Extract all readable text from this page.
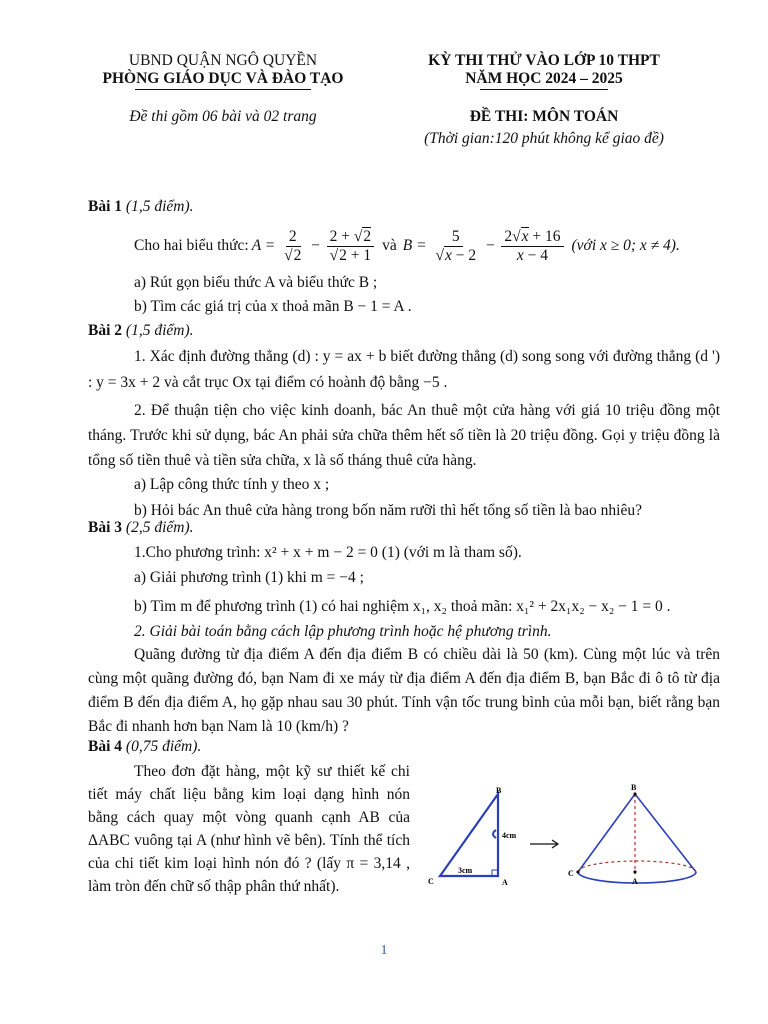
UBND QUẬN NGÔ QUYỀN
PHÒNG GIÁO DỤC VÀ ĐÀO TẠO
Đề thi gồm 06 bài và 02 trang
KỲ THI THỬ VÀO LỚP 10 THPT
NĂM HỌC 2024 – 2025
ĐỀ THI: MÔN TOÁN
(Thời gian:120 phút không kể giao đề)

Bài 1 (1,5 điểm).

Cho hai biểu thức: $A = \frac{2}{√2} - \frac{2 + √2}{√2 + 1}$ và $B = \frac{5}{√x - 2} - \frac{2√x + 16}{x - 4}$ (với x ≥ 0; x ≠ 4).

a) Rút gọn biểu thức A và biểu thức B ;

b) Tìm các giá trị của x thoả mãn B − 1 = A .

Bài 2 (1,5 điểm).

1. Xác định đường thẳng (d) : y = ax + b biết đường thẳng (d) song song với đường thẳng (d ') : y = 3x + 2 và cắt trục Ox tại điểm có hoành độ bằng −5 .

2. Để thuận tiện cho việc kinh doanh, bác An thuê một cửa hàng với giá 10 triệu đồng một tháng. Trước khi sử dụng, bác An phải sửa chữa thêm hết số tiền là 20 triệu đồng. Gọi y triệu đồng là tổng số tiền thuê và tiền sửa chữa, x là số tháng thuê cửa hàng.

a) Lập công thức tính y theo x ;

b) Hỏi bác An thuê cửa hàng trong bốn năm rưỡi thì hết tổng số tiền là bao nhiêu?

Bài 3 (2,5 điểm).

1.Cho phương trình: x² + x + m − 2 = 0 (1) (với m là tham số).

a) Giải phương trình (1) khi m = −4 ;

b) Tìm m để phương trình (1) có hai nghiệm x₁, x₂ thoả mãn: x₁² + 2x₁x₂ − x₂ − 1 = 0 .

2. Giải bài toán bằng cách lập phương trình hoặc hệ phương trình.

Quãng đường từ địa điểm A đến địa điểm B có chiều dài là 50 (km). Cùng một lúc và trên cùng một quãng đường đó, bạn Nam đi xe máy từ địa điểm A đến địa điểm B, bạn Bắc đi ô tô từ địa điểm B đến địa điểm A, họ gặp nhau sau 30 phút. Tính vận tốc trung bình của mỗi bạn, biết rằng bạn Bắc đi nhanh hơn bạn Nam là 10 (km/h) ?

Bài 4 (0,75 điểm).

Theo đơn đặt hàng, một kỹ sư thiết kế chi tiết máy chất liệu bằng kim loại dạng hình nón bằng cách quay một vòng quanh cạnh AB của ΔABC vuông tại A (như hình vẽ bên). Tính thể tích của chi tiết kim loại hình nón đó ? (lấy π = 3,14 , làm tròn đến chữ số thập phân thứ nhất).

B
A
C
4cm
3cm
B
A
C
1
